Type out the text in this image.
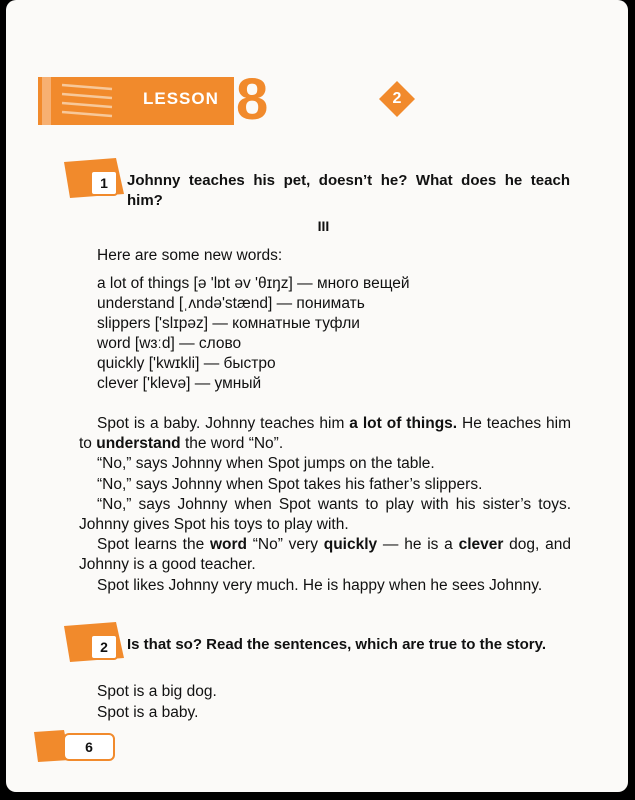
LESSON 8	2
1	Johnny teaches his pet, doesn’t he? What does he teach him?
III
Here are some new words:
a lot of things [ə 'lɒt əv 'θɪŋz] — много вещей
understand [ˌʌndə'stænd] — понимать
slippers ['slɪpəz] — комнатные туфли
word [wɜːd] — слово
quickly ['kwɪkli] — быстро
clever ['klevə] — умный

Spot is a baby. Johnny teaches him a lot of things. He teaches him to understand the word “No”.

“No,” says Johnny when Spot jumps on the table.

“No,” says Johnny when Spot takes his father’s slippers.

“No,” says Johnny when Spot wants to play with his sister’s toys. Johnny gives Spot his toys to play with.

Spot learns the word “No” very quickly — he is a clever dog, and Johnny is a good teacher.

Spot likes Johnny very much. He is happy when he sees Johnny.

2	Is that so? Read the sentences, which are true to the story.
Spot is a big dog.
Spot is a baby.
6
